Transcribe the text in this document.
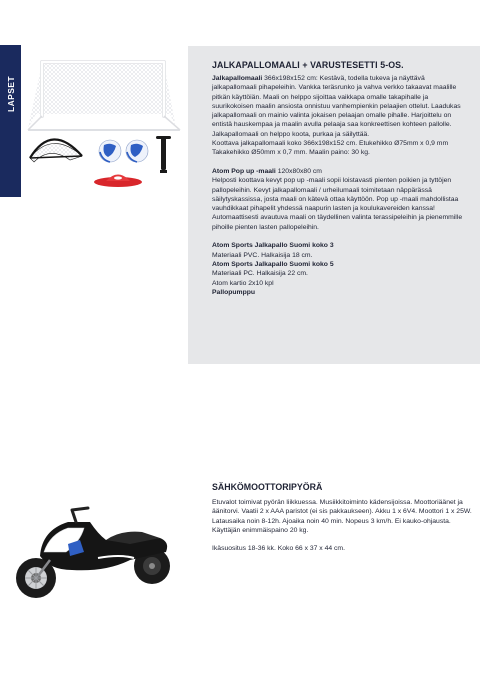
LAPSET
JALKAPALLOMAALI + VARUSTESETTI 5-OS.

Jalkapallomaali 366x198x152 cm: Kestävä, todella tukeva ja näyttävä jalkapallomaali pihapeleihin. Vankka teräsrunko ja vahva verkko takaavat maalille pitkän käyttöiän. Maali on helppo sijoittaa vaikkapa omalle takapihalle ja suurikokoisen maalin ansiosta onnistuu vanhempienkin pelaajien ottelut. Laadukas jalkapallomaali on mainio valinta jokaisen pelaajan omalle pihalle. Harjoittelu on entistä hauskempaa ja maalin avulla pelaaja saa konkreettisen kohteen pallolle. Jalkapallomaali on helppo koota, purkaa ja säilyttää.

Koottava jalkapallomaali koko 366x198x152 cm. Etukehikko Ø75mm x 0,9 mm Takakehikko Ø50mm x 0,7 mm. Maalin paino: 30 kg.

Atom Pop up -maali 120x80x80 cm

Helposti koottava kevyt pop up -maali sopii loistavasti pienten poikien ja tyttöjen pallopeleihin. Kevyt jalkapallomaali / urheilumaali toimitetaan näppärässä säilytyskassissa, josta maali on kätevä ottaa käyttöön. Pop up -maali mahdollistaa vauhdikkaat pihapelit yhdessä naapurin lasten ja koulukavereiden kanssa! Automaattisesti avautuva maali on täydellinen valinta terassipeleihin ja pienemmille pihoille pienten lasten pallopeleihin.

Atom Sports Jalkapallo Suomi koko 3

Materiaali PVC. Halkaisija 18 cm.

Atom Sports Jalkapallo Suomi koko 5

Materiaali PC. Halkaisija 22 cm.

Atom kartio 2x10 kpl

Pallopumppu

SÄHKÖMOOTTORIPYÖRÄ

Etuvalot toimivat pyörän liikkuessa. Musiikkitoiminto kädensijoissa. Moottoriäänet ja äänitorvi. Vaatii 2 x AAA paristot (ei sis pakkaukseen). Akku 1 x 6V4. Moottori 1 x 25W. Latausaika noin 8-12h. Ajoaika noin 40 min. Nopeus 3 km/h. Ei kauko-ohjausta. Käyttäjän enimmäispaino 20 kg.

Ikäsuositus 18-36 kk. Koko 66 x 37 x 44 cm.
